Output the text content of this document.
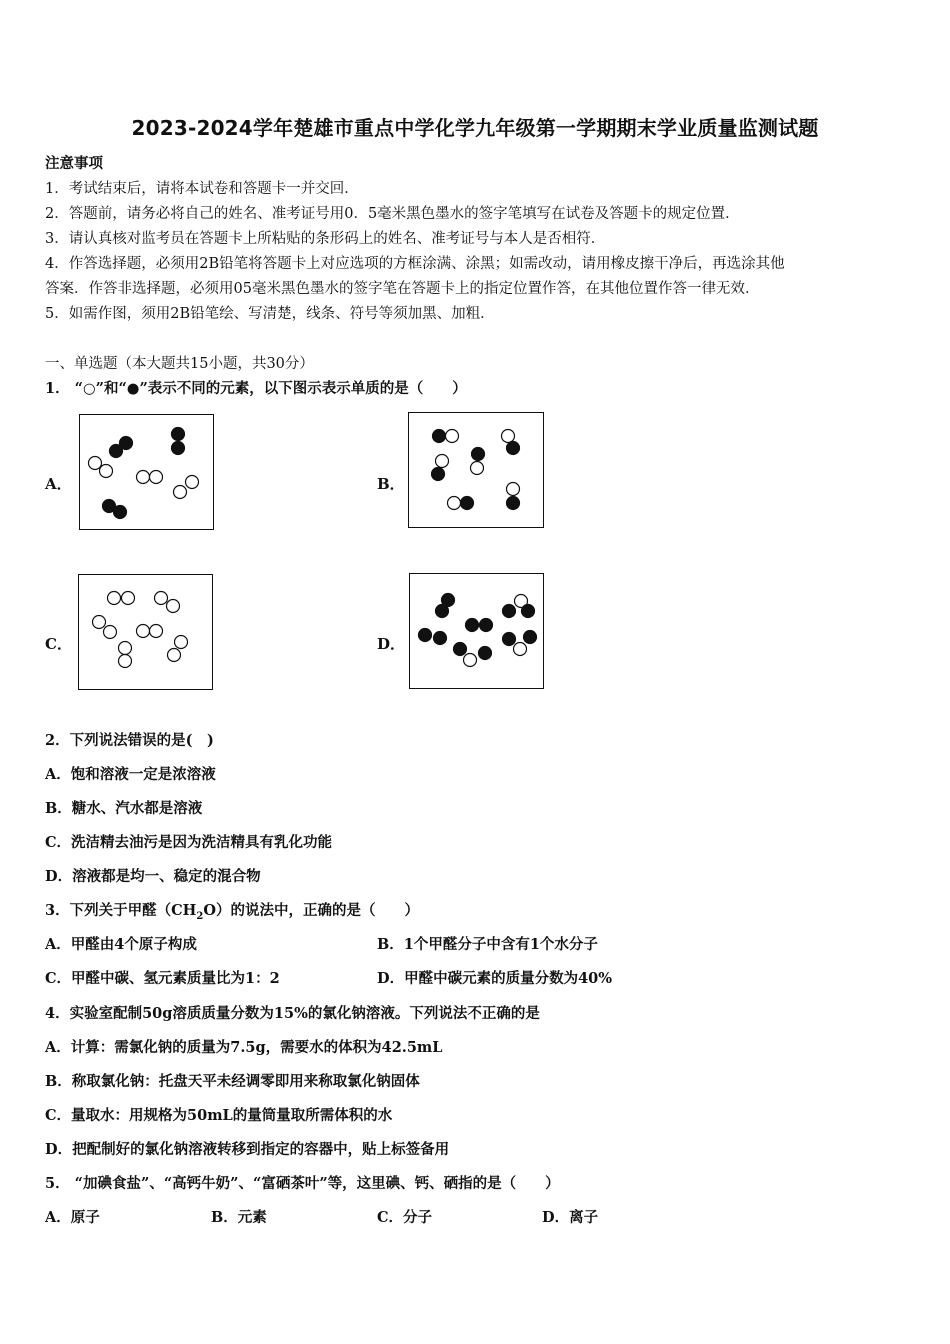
2023-2024学年楚雄市重点中学化学九年级第一学期期末学业质量监测试题
注意事项
1．考试结束后，请将本试卷和答题卡一并交回．
2．答题前，请务必将自己的姓名、准考证号用0．5毫米黑色墨水的签字笔填写在试卷及答题卡的规定位置．
3．请认真核对监考员在答题卡上所粘贴的条形码上的姓名、准考证号与本人是否相符．
4．作答选择题，必须用2B铅笔将答题卡上对应选项的方框涂满、涂黑；如需改动，请用橡皮擦干净后，再选涂其他
答案．作答非选择题，必须用05毫米黑色墨水的签字笔在答题卡上的指定位置作答，在其他位置作答一律无效．
5．如需作图，须用2B铅笔绘、写清楚，线条、符号等须加黑、加粗．
一、单选题（本大题共15小题，共30分）
1． “○”和“●”表示不同的元素，以下图示表示单质的是（　　）
A．	B．
C．	D．
2．下列说法错误的是(　)
A．饱和溶液一定是浓溶液
B．糖水、汽水都是溶液
C．洗洁精去油污是因为洗洁精具有乳化功能
D．溶液都是均一、稳定的混合物
3．下列关于甲醛$(CH_2O)$的说法中，正确的是（　　）
A．甲醛由4个原子构成	B．1个甲醛分子中含有1个水分子
C．甲醛中碳、氢元素质量比为1：2	D．甲醛中碳元素的质量分数为40%
4．实验室配制50g溶质质量分数为15%的氯化钠溶液。下列说法不正确的是
A．计算：需氯化钠的质量为7.5g，需要水的体积为42.5mL
B．称取氯化钠：托盘天平未经调零即用来称取氯化钠固体
C．量取水：用规格为50mL的量筒量取所需体积的水
D．把配制好的氯化钠溶液转移到指定的容器中，贴上标签备用
5． “加碘食盐”、“高钙牛奶”、“富硒茶叶”等，这里碘、钙、硒指的是（　　）
A．原子	B．元素	C．分子	D．离子
